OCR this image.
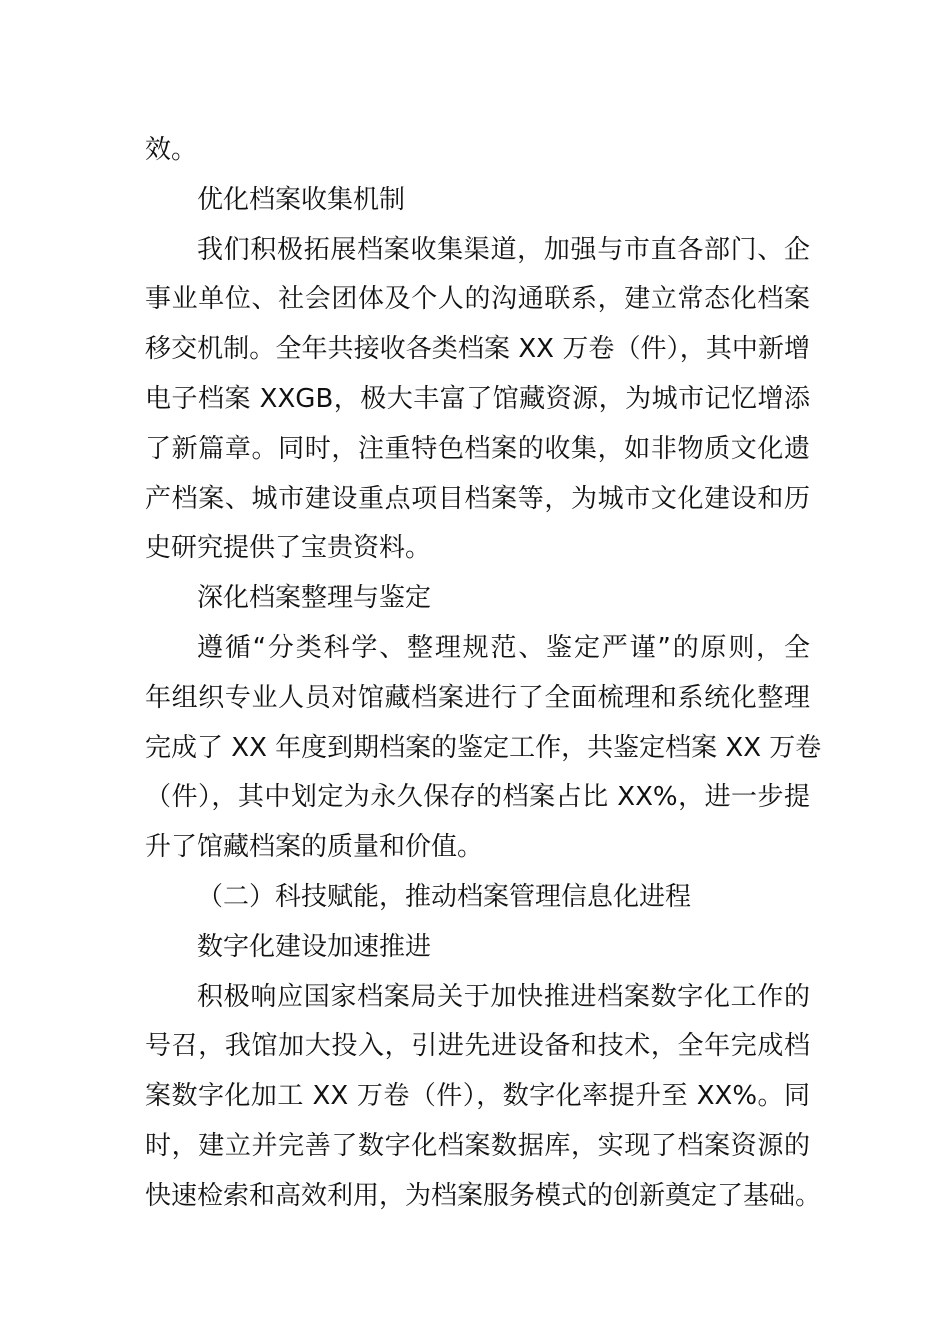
效。

优化档案收集机制

我们积极拓展档案收集渠道，加强与市直各部门、企
事业单位、社会团体及个人的沟通联系，建立常态化档案
移交机制。全年共接收各类档案 XX 万卷（件），其中新增
电子档案 XXGB，极大丰富了馆藏资源，为城市记忆增添
了新篇章。同时，注重特色档案的收集，如非物质文化遗
产档案、城市建设重点项目档案等，为城市文化建设和历
史研究提供了宝贵资料。

深化档案整理与鉴定

遵循“分类科学、整理规范、鉴定严谨”的原则，全
年组织专业人员对馆藏档案进行了全面梳理和系统化整理
完成了 XX 年度到期档案的鉴定工作，共鉴定档案 XX 万卷
（件），其中划定为永久保存的档案占比 XX%，进一步提
升了馆藏档案的质量和价值。

（二）科技赋能，推动档案管理信息化进程

数字化建设加速推进

积极响应国家档案局关于加快推进档案数字化工作的
号召，我馆加大投入，引进先进设备和技术，全年完成档
案数字化加工 XX 万卷（件），数字化率提升至 XX%。同
时，建立并完善了数字化档案数据库，实现了档案资源的
快速检索和高效利用，为档案服务模式的创新奠定了基础。
